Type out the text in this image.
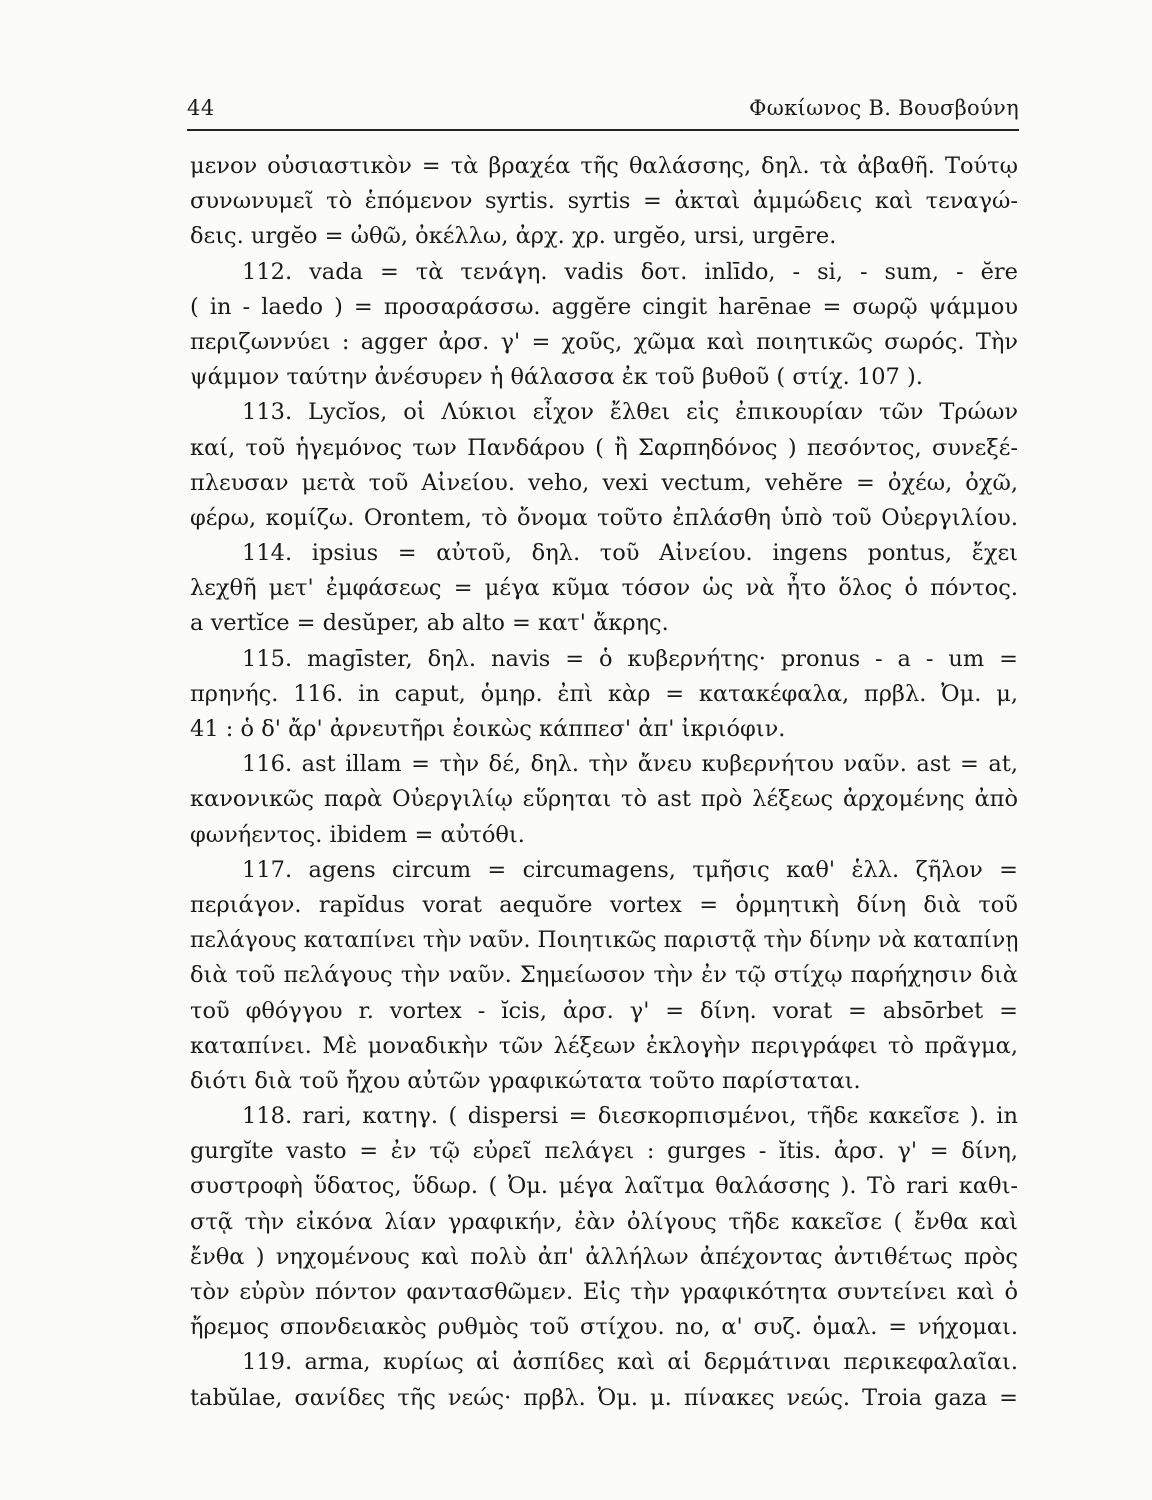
44	Φωκίωνος Β. Βουσβούνη
μενον οὐσιαστικὸν = τὰ βραχέα τῆς θαλάσσης, δηλ. τὰ ἀβαθῆ. Τούτῳ
συνωνυμεῖ τὸ ἑπόμενον syrtis. syrtis = ἀκταὶ ἀμμώδεις καὶ τεναγώ-
δεις. urgĕo = ὠθῶ, ὀκέλλω, ἀρχ. χρ. urgĕo, ursi, urgēre.
112. vada = τὰ τενάγη. vadis δοτ. inlīdo, - si, - sum, - ĕre
( in - laedo ) = προσαράσσω. aggĕre cingit harēnae = σωρῷ ψάμμου
περιζωννύει : agger ἀρσ. γ' = χοῦς, χῶμα καὶ ποιητικῶς σωρός. Τὴν
ψάμμον ταύτην ἀνέσυρεν ἡ θάλασσα ἐκ τοῦ βυθοῦ ( στίχ. 107 ).
113. Lycĭos, οἱ Λύκιοι εἶχον ἔλθει εἰς ἐπικουρίαν τῶν Τρώων
καί, τοῦ ἡγεμόνος των Πανδάρου ( ἢ Σαρπηδόνος ) πεσόντος, συνεξέ-
πλευσαν μετὰ τοῦ Αἰνείου. veho, vexi vectum, vehĕre = ὀχέω, ὀχῶ,
φέρω, κομίζω. Orontem, τὸ ὄνομα τοῦτο ἐπλάσθη ὑπὸ τοῦ Οὐεργιλίου.
114. ipsius = αὐτοῦ, δηλ. τοῦ Αἰνείου. ingens pontus, ἔχει
λεχθῆ μετ' ἐμφάσεως = μέγα κῦμα τόσον ὡς νὰ ἦτο ὅλος ὁ πόντος.
a vertĭce = desŭper, ab alto = κατ' ἄκρης.
115. magīster, δηλ. navis = ὁ κυβερνήτης· pronus - a - um =
πρηνής. 116. in caput, ὁμηρ. ἐπὶ κὰρ = κατακέφαλα, πρβλ. Ὀμ. μ,
41 : ὁ δ' ἄρ' ἀρνευτῆρι ἐοικὼς κάππεσ' ἀπ' ἰκριόφιν.
116. ast illam = τὴν δέ, δηλ. τὴν ἄνευ κυβερνήτου ναῦν. ast = at,
κανονικῶς παρὰ Οὐεργιλίῳ εὕρηται τὸ ast πρὸ λέξεως ἀρχομένης ἀπὸ
φωνήεντος. ibidem = αὐτόθι.
117. agens circum = circumagens, τμῆσις καθ' ἑλλ. ζῆλον =
περιάγον. rapĭdus vorat aequŏre vortex = ὁρμητικὴ δίνη διὰ τοῦ
πελάγους καταπίνει τὴν ναῦν. Ποιητικῶς παριστᾷ τὴν δίνην νὰ καταπίνῃ
διὰ τοῦ πελάγους τὴν ναῦν. Σημείωσον τὴν ἐν τῷ στίχῳ παρήχησιν διὰ
τοῦ φθόγγου r. vortex - ĭcis, ἀρσ. γ' = δίνη. vorat = absōrbet =
καταπίνει. Μὲ μοναδικὴν τῶν λέξεων ἐκλογὴν περιγράφει τὸ πρᾶγμα,
διότι διὰ τοῦ ἤχου αὐτῶν γραφικώτατα τοῦτο παρίσταται.
118. rari, κατηγ. ( dispersi = διεσκορπισμένοι, τῆδε κακεῖσε ). in
gurgĭte vasto = ἐν τῷ εὐρεῖ πελάγει : gurges - ĭtis. ἀρσ. γ' = δίνη,
συστροφὴ ὕδατος, ὕδωρ. ( Ὀμ. μέγα λαῖτμα θαλάσσης ). Τὸ rari καθι-
στᾷ τὴν εἰκόνα λίαν γραφικήν, ἐὰν ὀλίγους τῆδε κακεῖσε ( ἔνθα καὶ
ἔνθα ) νηχομένους καὶ πολὺ ἀπ' ἀλλήλων ἀπέχοντας ἀντιθέτως πρὸς
τὸν εὐρὺν πόντον φαντασθῶμεν. Εἰς τὴν γραφικότητα συντείνει καὶ ὁ
ἤρεμος σπονδειακὸς ρυθμὸς τοῦ στίχου. no, α' συζ. ὁμαλ. = νήχομαι.
119. arma, κυρίως αἱ ἀσπίδες καὶ αἱ δερμάτιναι περικεφαλαῖαι.
tabŭlae, σανίδες τῆς νεώς· πρβλ. Ὀμ. μ. πίνακες νεώς. Troia gaza =
